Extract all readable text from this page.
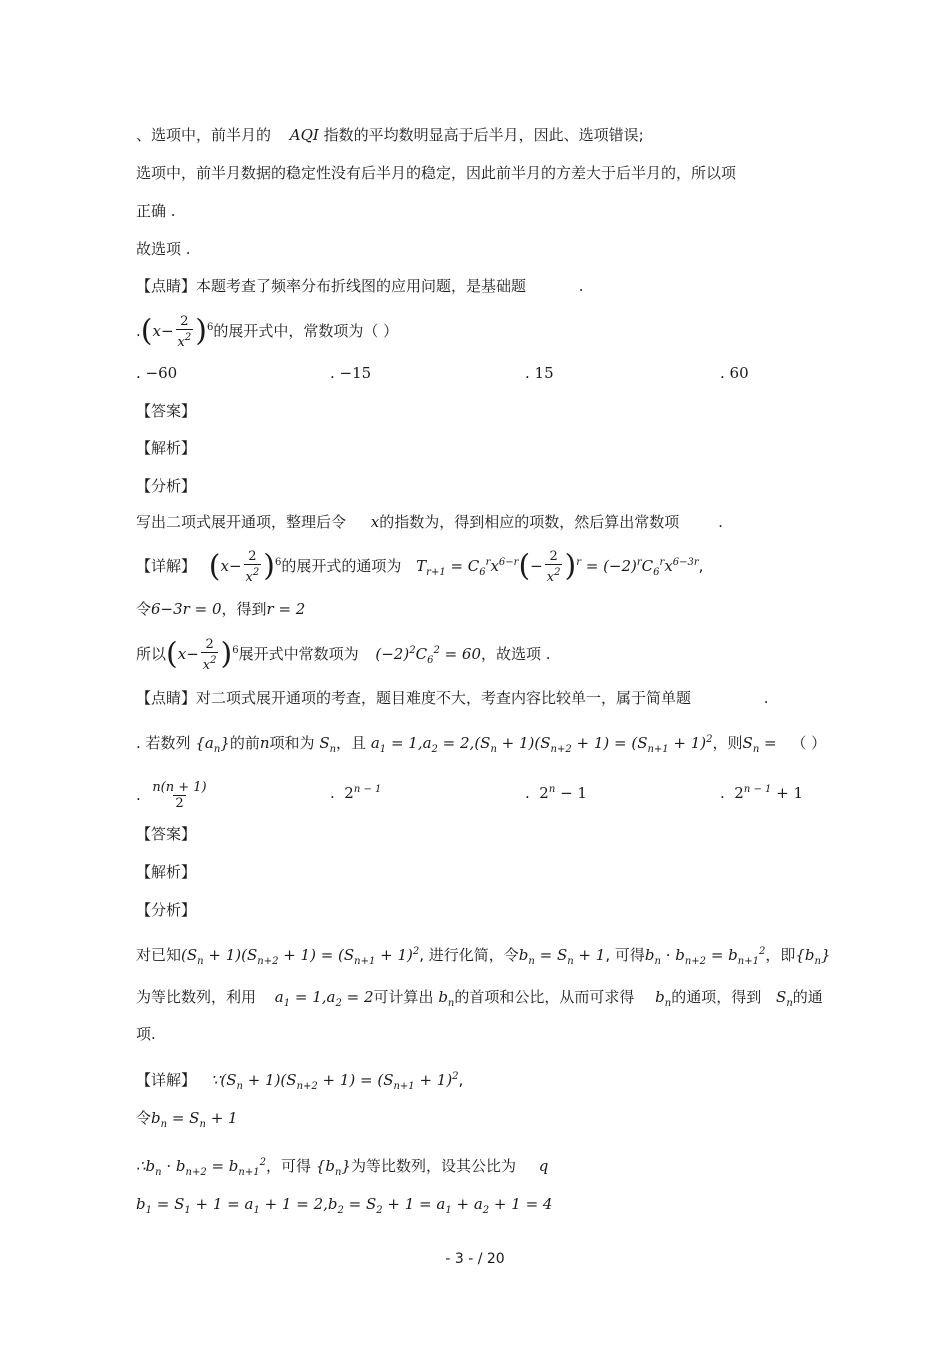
、选项中，前半月的 AQI 指数的平均数明显高于后半月，因此、选项错误;
选项中，前半月数据的稳定性没有后半月的稳定，因此前半月的方差大于后半月的，所以项
正确 .
故选项 .
【点睛】本题考查了频率分布折线图的应用问题，是基础题	.
$.(x- \frac{2}{x^2} )^6$的展开式中，常数项为（ ）
. −60	. −15	. 15	. 60
【答案】
【解析】
【分析】
写出二项式展开通项，整理后令 x的指数为，得到相应的项数，然后算出常数项	.
【详解】 $(x- \frac{2}{x^2} )^6$的展开式的通项为 $T_{r+1} = C_6^rx^{6-r}(- \frac{2}{x^2} )^r = (-2)^rC_6^rx^{6-3r}$,
令6−3r = 0，得到r = 2
所以$(x- \frac{2}{x^2} )^6$展开式中常数项为 $(-2)^2C_6^2 = 60$，故选项 .
【点睛】对二项式展开通项的考查，题目难度不大，考查内容比较单一，属于简单题	.
. 若数列 $\{a_n\}$的前n项和为 $S_n$，且 $a_1 = 1,a_2 = 2,(S_n + 1)(S_{n+2} + 1) = (S_{n+1} + 1)^2$，则$S_n$ = （ ）
. $\frac{n(n + 1)}{2}$	.  $2^{n - 1}$	.  $2^n - 1$	.  $2^{n - 1} + 1$
【答案】
【解析】
【分析】
对已知$(S_n + 1)(S_{n+2} + 1) = (S_{n+1} + 1)^2$, 进行化简，令$b_n = S_n + 1$, 可得$b_n \cdot b_{n+2} = b_{n+1}^2$，即$\{b_n\}$
为等比数列，利用 $a_1 = 1,a_2 = 2$可计算出 $b_n$的首项和公比，从而可求得 $b_n$的通项，得到 $S_n$的通
项.
【详解】 $\because(S_n + 1)(S_{n+2} + 1) = (S_{n+1} + 1)^2$,
令$b_n = S_n + 1$
$\therefore b_n \cdot b_{n+2} = b_{n+1}^2$，可得 $\{b_n\}$为等比数列，设其公比为 q
$b_1 = S_1 + 1 = a_1 + 1 = 2,b_2 = S_2 + 1 = a_1 + a_2 + 1 = 4$
- 3 - / 20
